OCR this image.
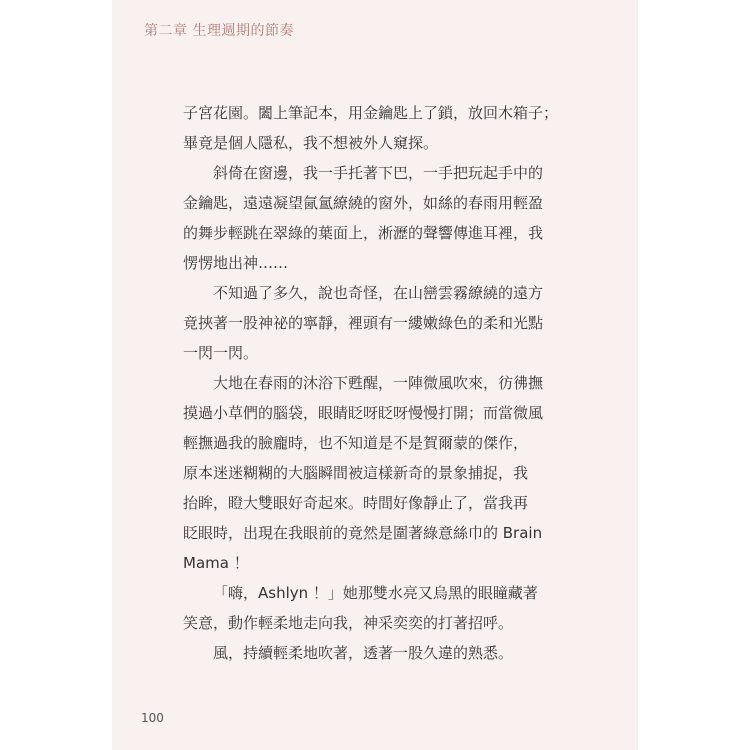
第二章 生理週期的節奏

子宮花園。闔上筆記本，用金鑰匙上了鎖，放回木箱子；
畢竟是個人隱私，我不想被外人窺探。

斜倚在窗邊，我一手托著下巴，一手把玩起手中的
金鑰匙，遠遠凝望氤氳繚繞的窗外，如絲的春雨用輕盈
的舞步輕跳在翠綠的葉面上，淅瀝的聲響傳進耳裡，我
愣愣地出神……

不知過了多久，說也奇怪，在山巒雲霧繚繞的遠方
竟挾著一股神祕的寧靜，裡頭有一縷嫩綠色的柔和光點
一閃一閃。

大地在春雨的沐浴下甦醒，一陣微風吹來，彷彿撫
摸過小草們的腦袋，眼睛眨呀眨呀慢慢打開；而當微風
輕撫過我的臉龐時，也不知道是不是賀爾蒙的傑作，
原本迷迷糊糊的大腦瞬間被這樣新奇的景象捕捉，我
抬眸，瞪大雙眼好奇起來。時間好像靜止了，當我再
眨眼時，出現在我眼前的竟然是圍著綠意絲巾的 Brain
Mama ！

「嗨，Ashlyn ！」她那雙水亮又烏黑的眼瞳藏著
笑意，動作輕柔地走向我，神采奕奕的打著招呼。

風，持續輕柔地吹著，透著一股久違的熟悉。

100
